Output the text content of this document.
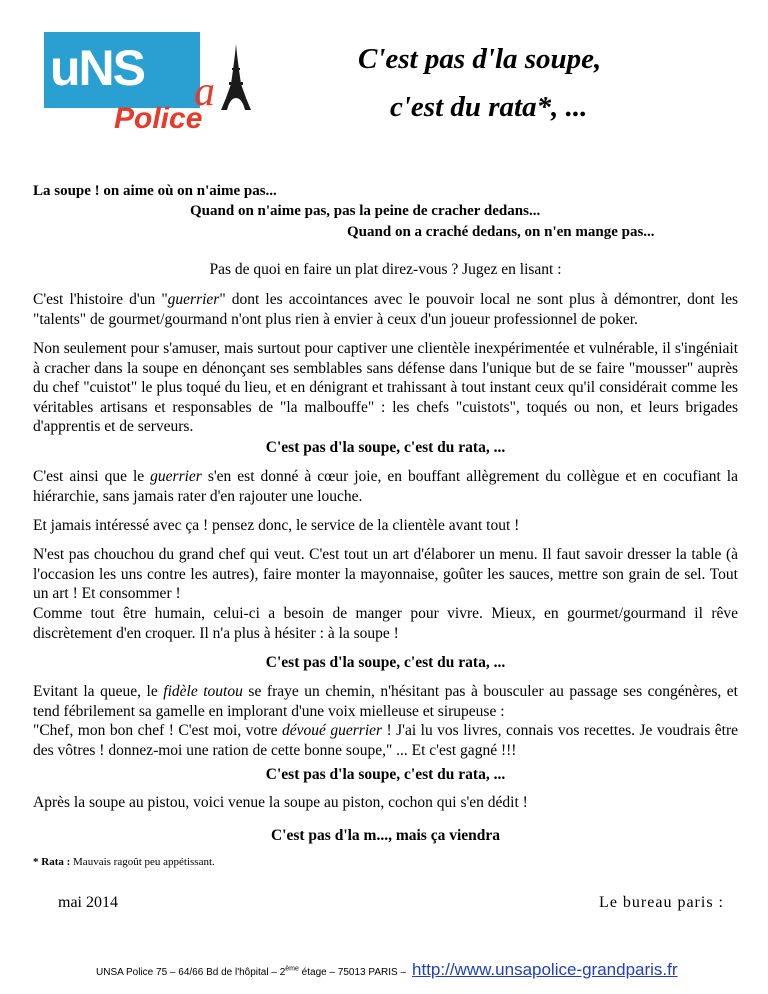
uNS a
Police
C'est pas d'la soupe,
c'est du rata*, ...
La soupe ! on aime où on n'aime pas...
Quand on n'aime pas, pas la peine de cracher dedans...
Quand on a craché dedans, on n'en mange pas...
Pas de quoi en faire un plat direz-vous ? Jugez en lisant :
C'est l'histoire d'un "guerrier" dont les accointances avec le pouvoir local ne sont plus à démontrer, dont les "talents" de gourmet/gourmand n'ont plus rien à envier à ceux d'un joueur professionnel de poker.
Non seulement pour s'amuser, mais surtout pour captiver une clientèle inexpérimentée et vulnérable, il s'ingéniait à cracher dans la soupe en dénonçant ses semblables sans défense dans l'unique but de se faire "mousser" auprès du chef "cuistot" le plus toqué du lieu, et en dénigrant et trahissant à tout instant ceux qu'il considérait comme les véritables artisans et responsables de "la malbouffe" : les chefs "cuistots", toqués ou non, et leurs brigades d'apprentis et de serveurs.
C'est pas d'la soupe, c'est du rata, ...
C'est ainsi que le guerrier s'en est donné à cœur joie, en bouffant allègrement du collègue et en cocufiant la hiérarchie, sans jamais rater d'en rajouter une louche.
Et jamais intéressé avec ça ! pensez donc, le service de la clientèle avant tout !
N'est pas chouchou du grand chef qui veut. C'est tout un art d'élaborer un menu. Il faut savoir dresser la table (à l'occasion les uns contre les autres), faire monter la mayonnaise, goûter les sauces, mettre son grain de sel. Tout un art ! Et consommer !
Comme tout être humain, celui-ci a besoin de manger pour vivre. Mieux, en gourmet/gourmand il rêve discrètement d'en croquer. Il n'a plus à hésiter : à la soupe !
C'est pas d'la soupe, c'est du rata, ...
Evitant la queue, le fidèle toutou se fraye un chemin, n'hésitant pas à bousculer au passage ses congénères, et tend fébrilement sa gamelle en implorant d'une voix mielleuse et sirupeuse :
"Chef, mon bon chef ! C'est moi, votre dévoué guerrier ! J'ai lu vos livres, connais vos recettes. Je voudrais être des vôtres ! donnez-moi une ration de cette bonne soupe," ... Et c'est gagné !!!
C'est pas d'la soupe, c'est du rata, ...
Après la soupe au pistou, voici venue la soupe au piston, cochon qui s'en dédit !
C'est pas d'la m..., mais ça viendra
* Rata : Mauvais ragoût peu appétissant.
mai 2014	Le bureau paris :
UNSA Police 75 – 64/66 Bd de l'hôpital – 2ème étage – 75013 PARIS – http://www.unsapolice-grandparis.fr
